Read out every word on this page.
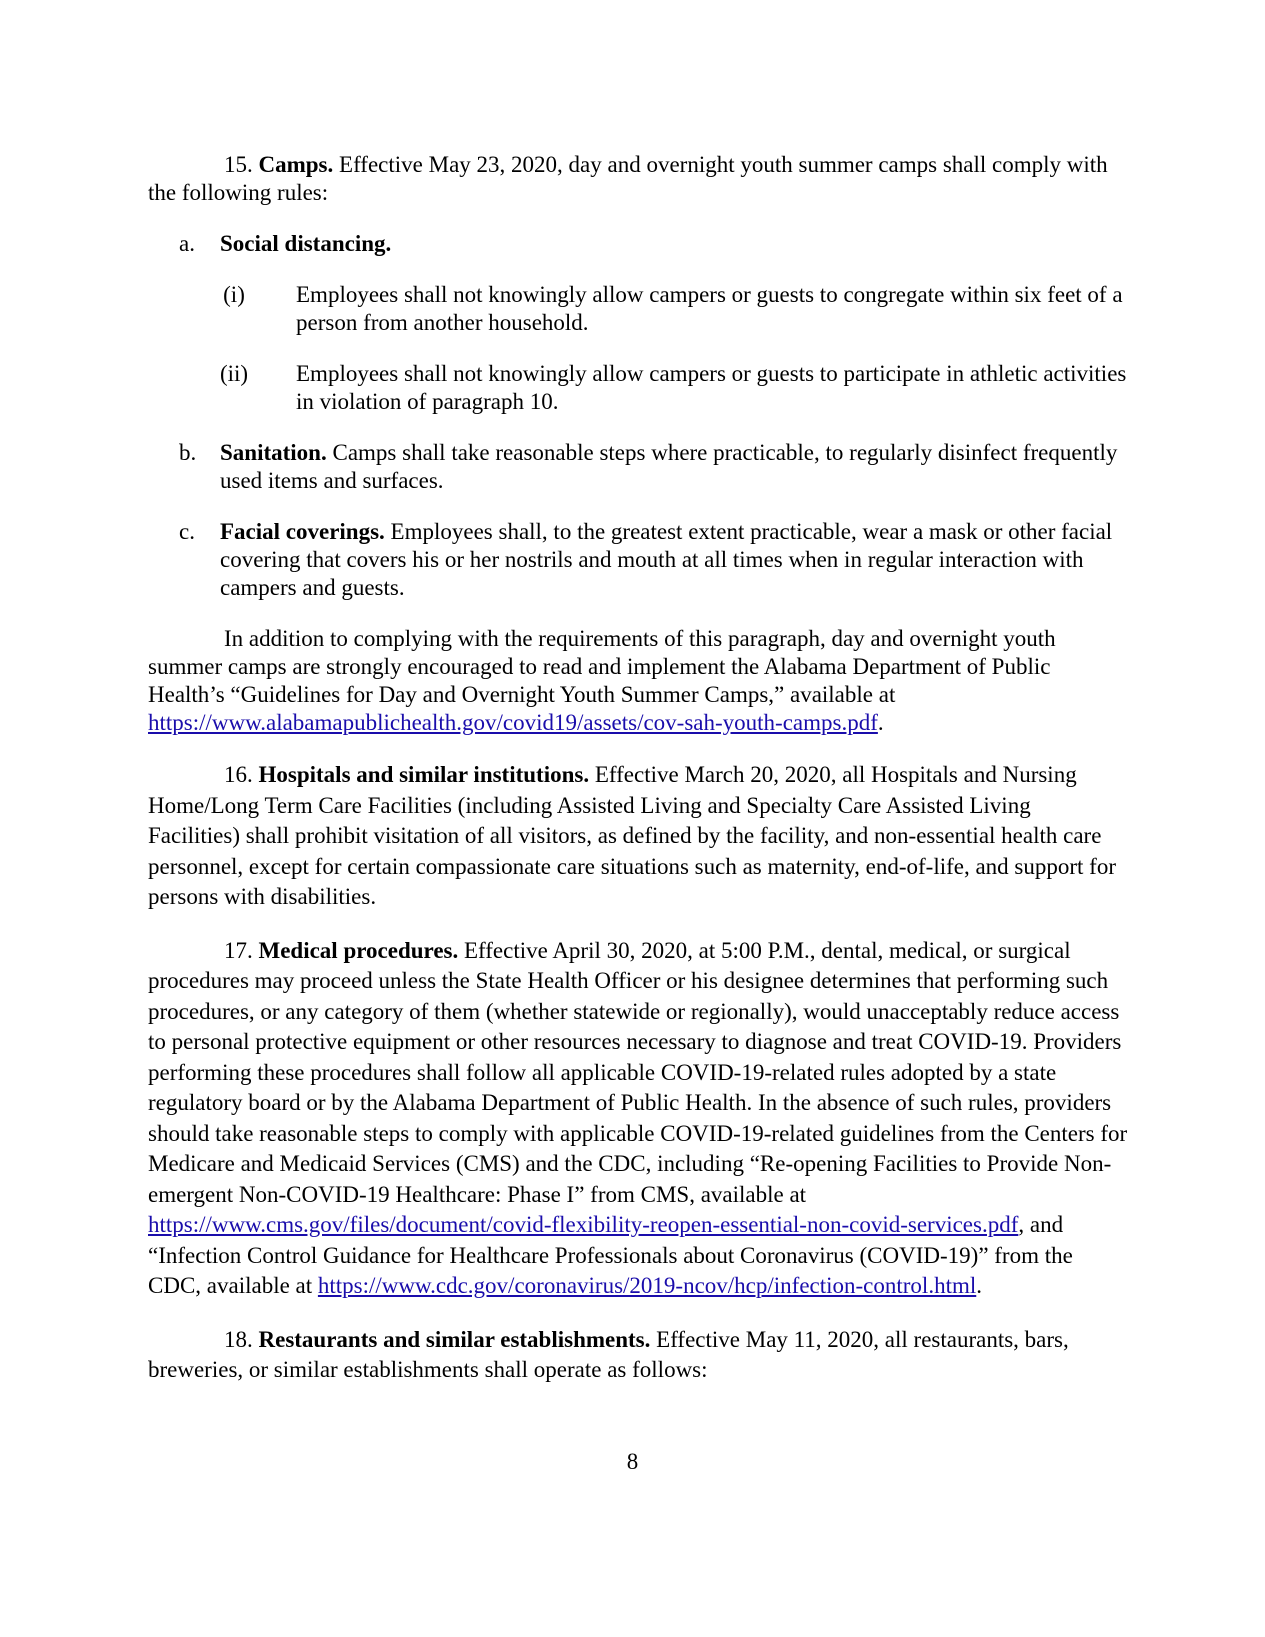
15. Camps. Effective May 23, 2020, day and overnight youth summer camps shall comply with the following rules:

a. Social distancing.
(i)	Employees shall not knowingly allow campers or guests to congregate within six feet of a person from another household.
(ii)	Employees shall not knowingly allow campers or guests to participate in athletic activities in violation of paragraph 10.
b. Sanitation. Camps shall take reasonable steps where practicable, to regularly disinfect frequently used items and surfaces.
c. Facial coverings. Employees shall, to the greatest extent practicable, wear a mask or other facial covering that covers his or her nostrils and mouth at all times when in regular interaction with campers and guests.

In addition to complying with the requirements of this paragraph, day and overnight youth summer camps are strongly encouraged to read and implement the Alabama Department of Public Health’s “Guidelines for Day and Overnight Youth Summer Camps,” available at https://www.alabamapublichealth.gov/covid19/assets/cov-sah-youth-camps.pdf.

16. Hospitals and similar institutions. Effective March 20, 2020, all Hospitals and Nursing Home/Long Term Care Facilities (including Assisted Living and Specialty Care Assisted Living Facilities) shall prohibit visitation of all visitors, as defined by the facility, and non-essential health care personnel, except for certain compassionate care situations such as maternity, end-of-life, and support for persons with disabilities.

17. Medical procedures. Effective April 30, 2020, at 5:00 P.M., dental, medical, or surgical procedures may proceed unless the State Health Officer or his designee determines that performing such procedures, or any category of them (whether statewide or regionally), would unacceptably reduce access to personal protective equipment or other resources necessary to diagnose and treat COVID-19. Providers performing these procedures shall follow all applicable COVID-19-related rules adopted by a state regulatory board or by the Alabama Department of Public Health. In the absence of such rules, providers should take reasonable steps to comply with applicable COVID-19-related guidelines from the Centers for Medicare and Medicaid Services (CMS) and the CDC, including “Re-opening Facilities to Provide Non-emergent Non-COVID-19 Healthcare: Phase I” from CMS, available at https://www.cms.gov/files/document/covid-flexibility-reopen-essential-non-covid-services.pdf, and “Infection Control Guidance for Healthcare Professionals about Coronavirus (COVID-19)” from the CDC, available at https://www.cdc.gov/coronavirus/2019-ncov/hcp/infection-control.html.

18. Restaurants and similar establishments. Effective May 11, 2020, all restaurants, bars, breweries, or similar establishments shall operate as follows:

8
